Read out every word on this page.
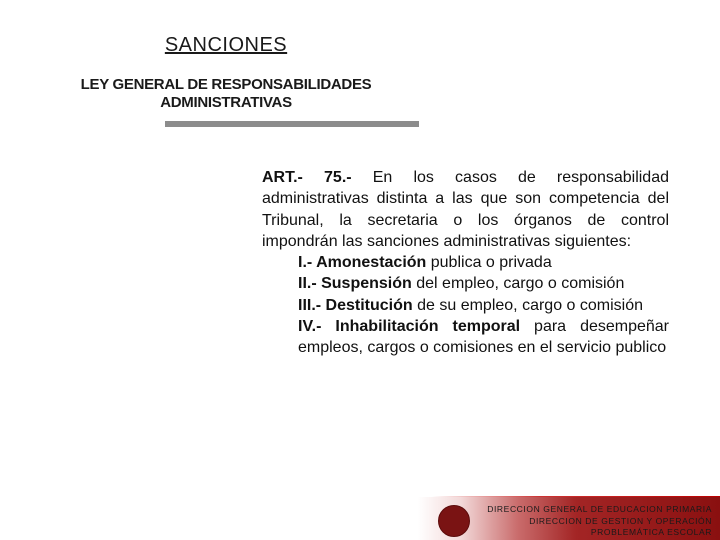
SANCIONES
LEY GENERAL DE RESPONSABILIDADES
ADMINISTRATIVAS

ART.- 75.- En los casos de responsabilidad administrativas distinta a las que son competencia del Tribunal, la secretaria o los órganos de control impondrán las sanciones administrativas siguientes:

I.- Amonestación publica o privada
II.- Suspensión del empleo, cargo o comisión
III.- Destitución de su empleo, cargo o comisión
IV.- Inhabilitación temporal para desempeñar empleos, cargos o comisiones en el servicio publico
DIRECCION GENERAL DE EDUCACION PRIMARIA
DIRECCION DE GESTION Y OPERACIÓN
PROBLEMÁTICA ESCOLAR
